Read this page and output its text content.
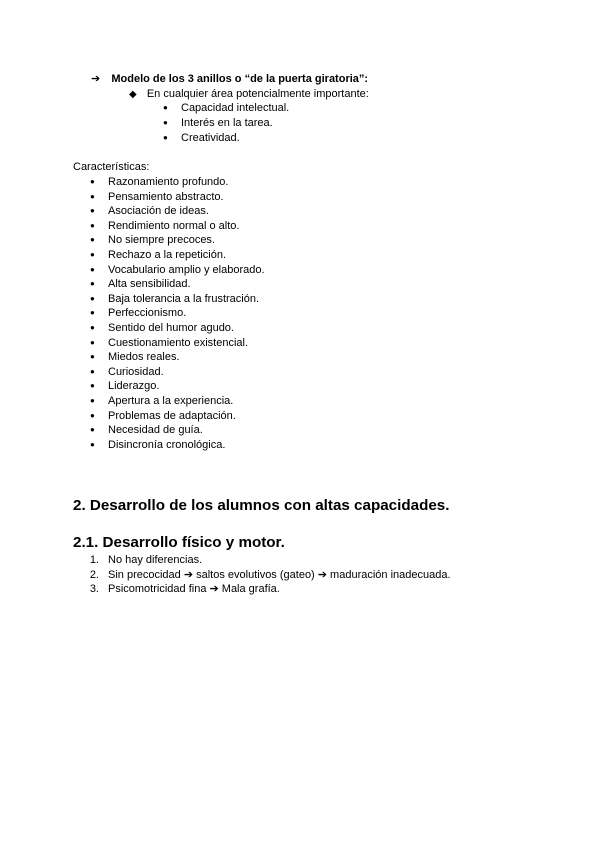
➔ Modelo de los 3 anillos o “de la puerta giratoria”:
◆ En cualquier área potencialmente importante:
● Capacidad intelectual.
● Interés en la tarea.
● Creatividad.
Características:
● Razonamiento profundo.
● Pensamiento abstracto.
● Asociación de ideas.
● Rendimiento normal o alto.
● No siempre precoces.
● Rechazo a la repetición.
● Vocabulario amplio y elaborado.
● Alta sensibilidad.
● Baja tolerancia a la frustración.
● Perfeccionismo.
● Sentido del humor agudo.
● Cuestionamiento existencial.
● Miedos reales.
● Curiosidad.
● Liderazgo.
● Apertura a la experiencia.
● Problemas de adaptación.
● Necesidad de guía.
● Disincronía cronológica.
2. Desarrollo de los alumnos con altas capacidades.
2.1. Desarrollo físico y motor.
1. No hay diferencias.
2. Sin precocidad ➔ saltos evolutivos (gateo) ➔ maduración inadecuada.
3. Psicomotricidad fina ➔ Mala grafía.
